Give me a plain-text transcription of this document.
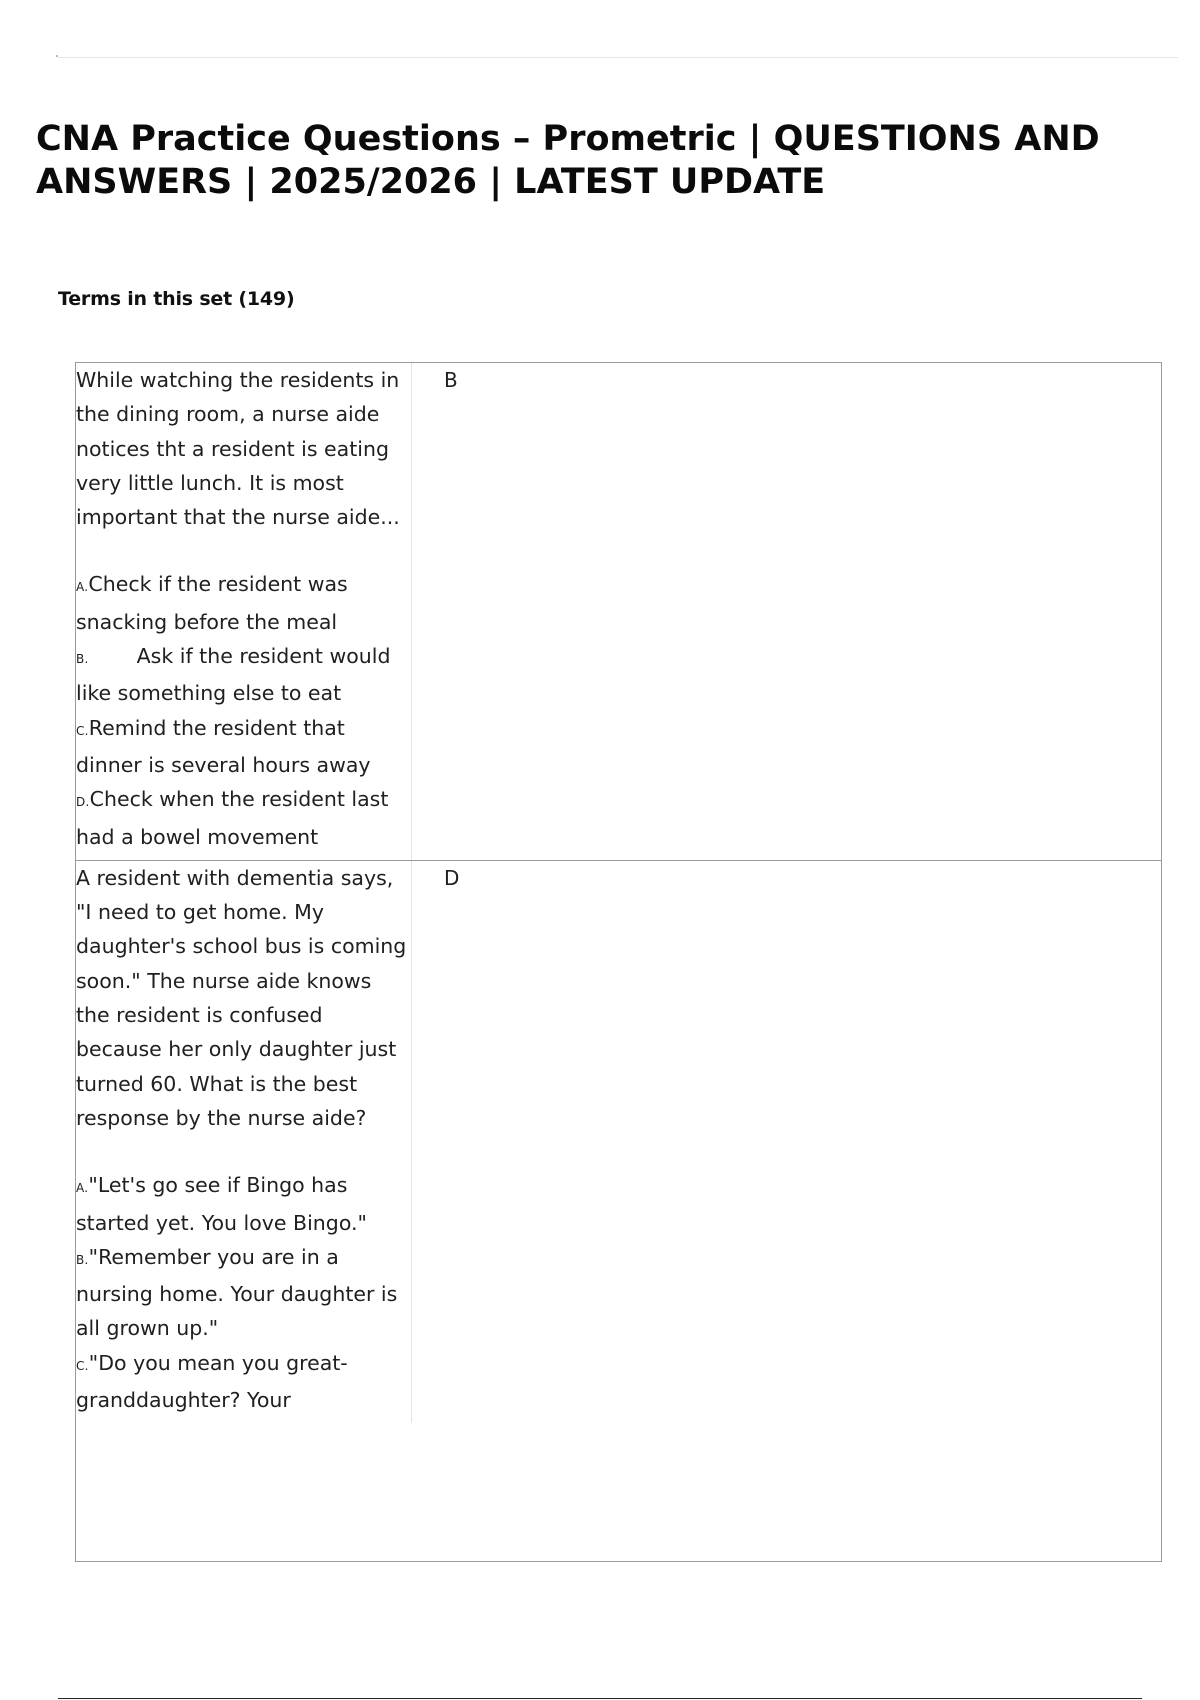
CNA Practice Questions – Prometric | QUESTIONS AND ANSWERS | 2025/2026 | LATEST UPDATE
Terms in this set (149)
While watching the residents in the dining room, a nurse aide notices tht a resident is eating very little lunch. It is most important that the nurse aide...
A.Check if the resident was snacking before the meal
B. Ask if the resident would like something else to eat
C.Remind the resident that dinner is several hours away
D.Check when the resident last had a bowel movement
B
A resident with dementia says, "I need to get home. My daughter's school bus is coming soon." The nurse aide knows the resident is confused because her only daughter just turned 60. What is the best response by the nurse aide?
A."Let's go see if Bingo has started yet. You love Bingo."
B."Remember you are in a nursing home. Your daughter is all grown up."
C."Do you mean you great-granddaughter? Your
D
